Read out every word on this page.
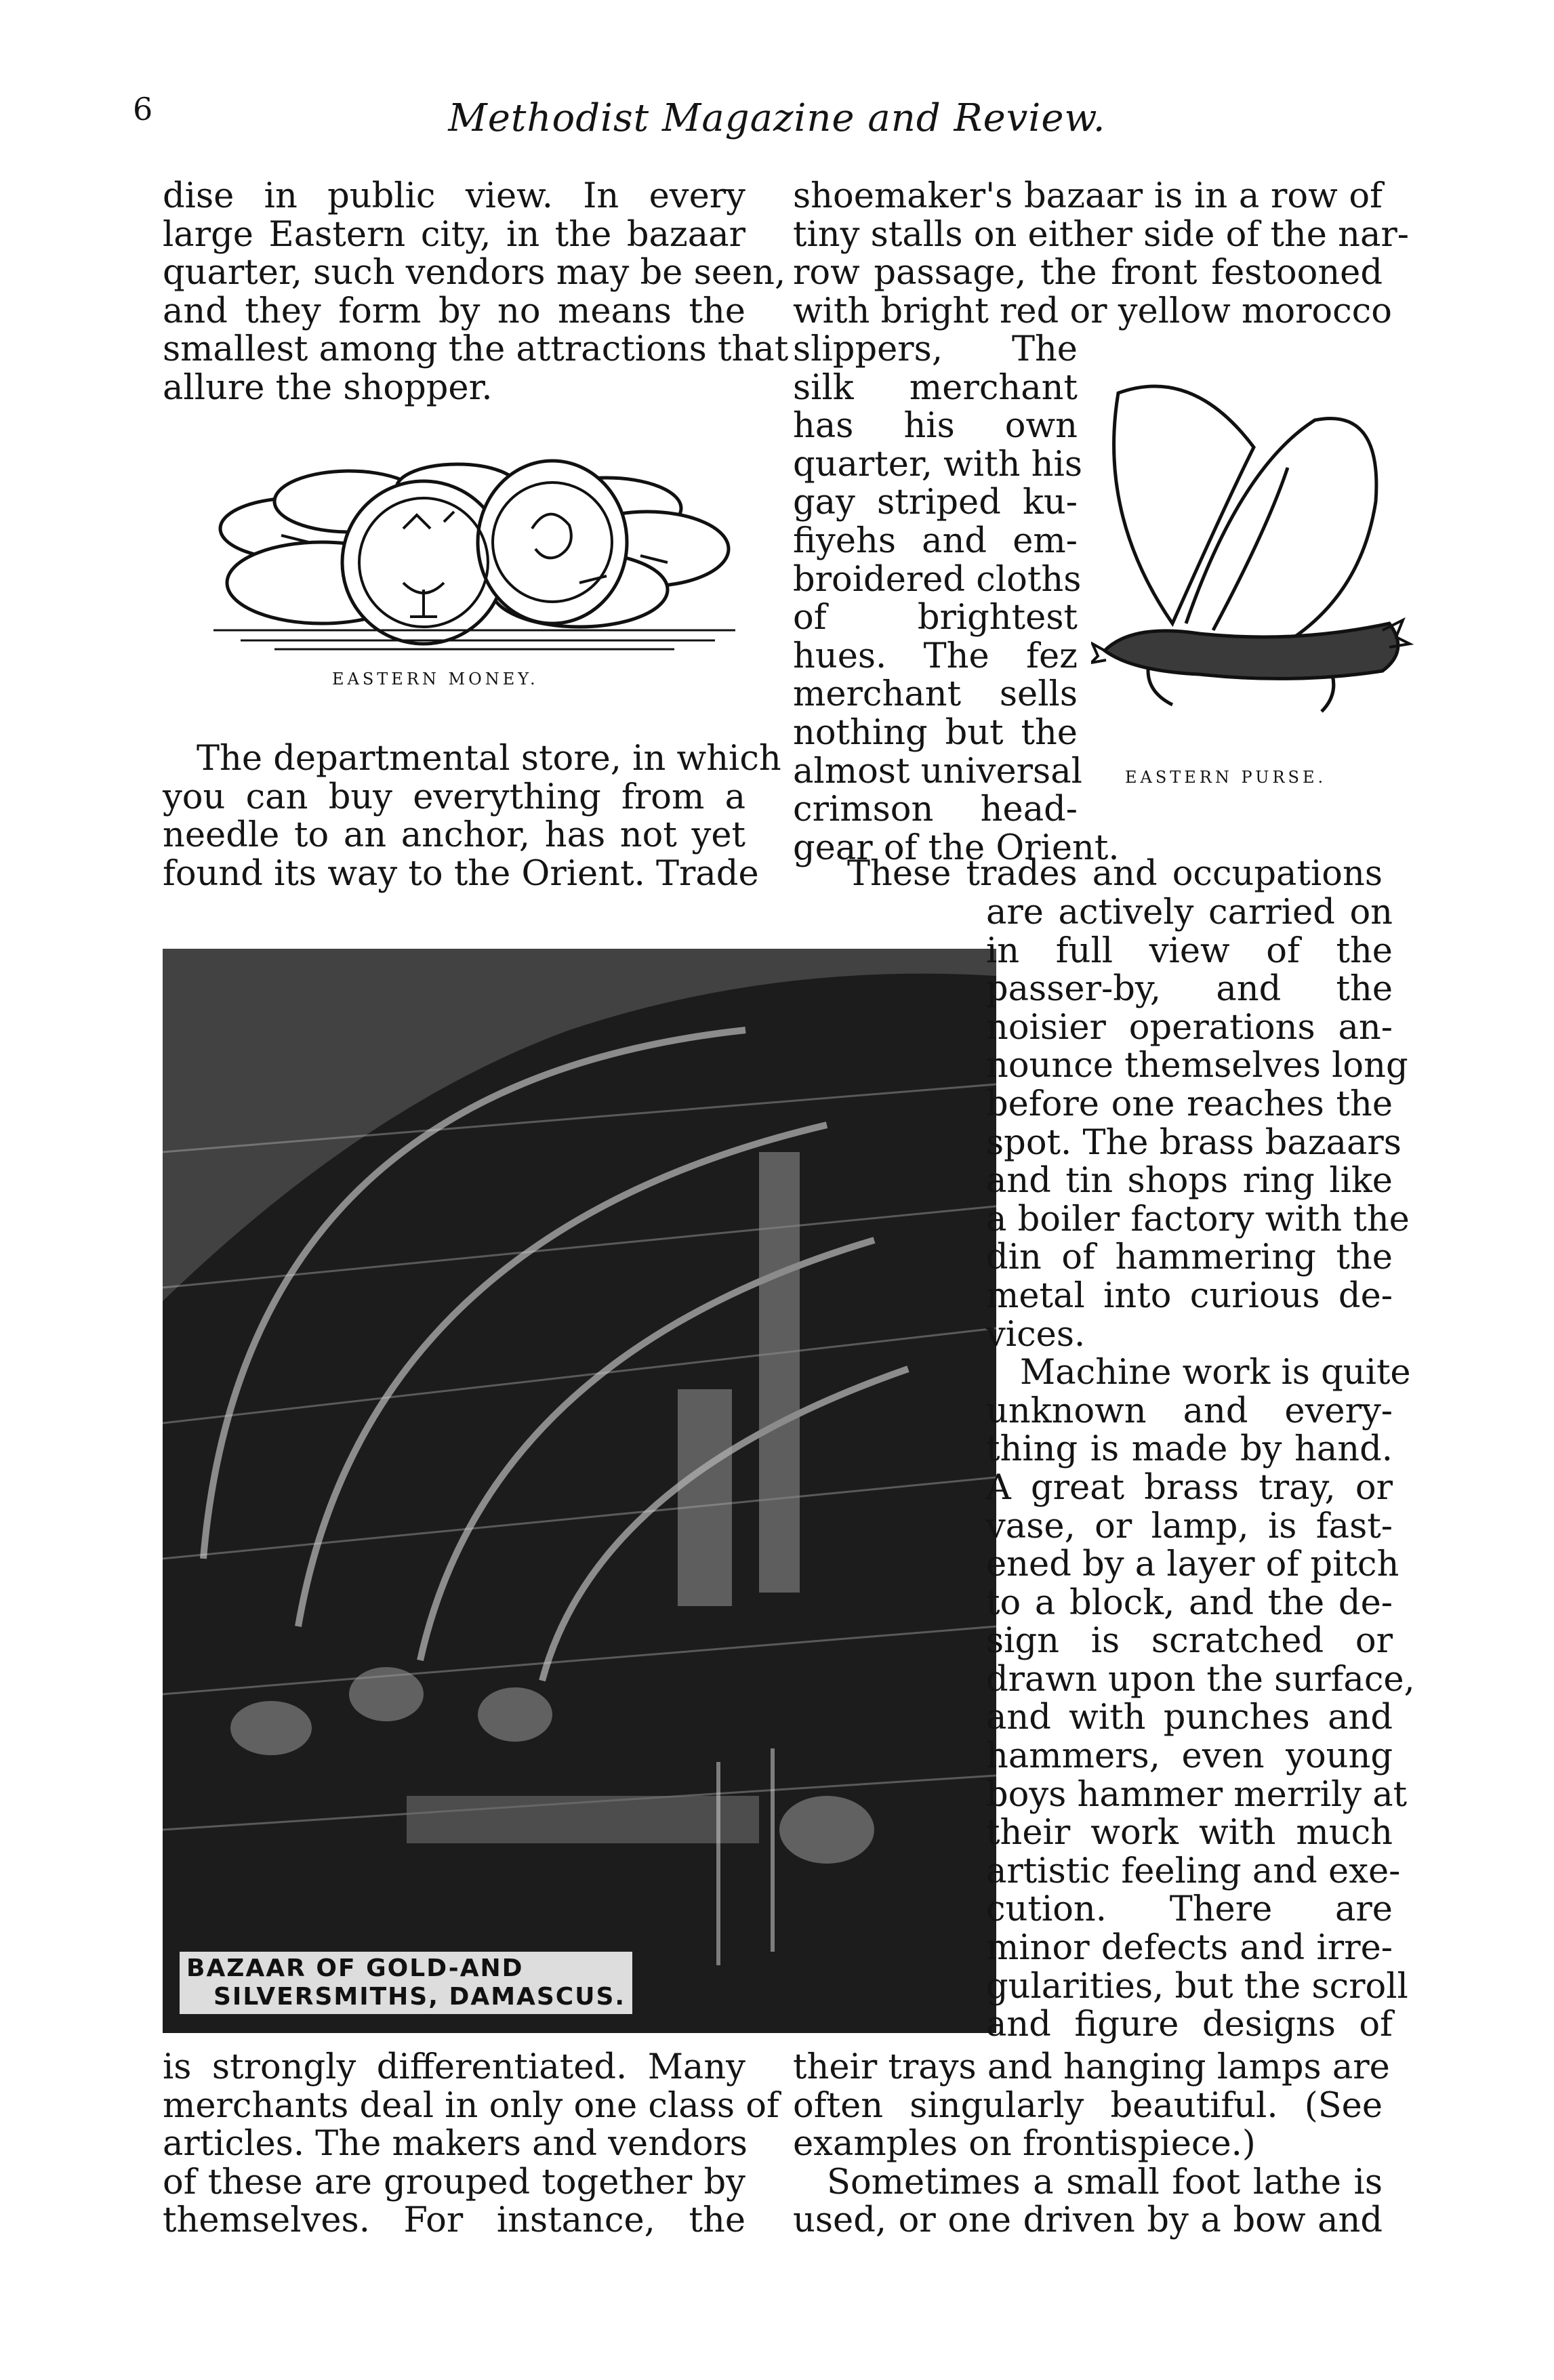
6	Methodist Magazine and Review.
dise in public view. In every
large Eastern city, in the bazaar
quarter, such vendors may be seen,
and they form by no means the
smallest among the attractions that
allure the shopper.
EASTERN MONEY.
The departmental store, in which
you can buy everything from a
needle to an anchor, has not yet
found its way to the Orient. Trade
BAZAAR OF GOLD-AND
SILVERSMITHS, DAMASCUS.
is strongly differentiated. Many
merchants deal in only one class of
articles. The makers and vendors
of these are grouped together by
themselves. For instance, the
shoemaker's bazaar is in a row of
tiny stalls on either side of the nar-
row passage, the front festooned
with bright red or yellow morocco
slippers, The
silk merchant
has his own
quarter, with his
gay striped ku-
fiyehs and em-
broidered cloths
of brightest
hues. The fez
merchant sells
nothing but the
almost universal
crimson head-
gear of the Orient.
EASTERN PURSE.
These trades and occupations
are actively carried on
in full view of the
passer-by, and the
noisier operations an-
nounce themselves long
before one reaches the
spot. The brass bazaars
and tin shops ring like
a boiler factory with the
din of hammering the
metal into curious de-
vices.
Machine work is quite
unknown and every-
thing is made by hand.
A great brass tray, or
vase, or lamp, is fast-
ened by a layer of pitch
to a block, and the de-
sign is scratched or
drawn upon the surface,
and with punches and
hammers, even young
boys hammer merrily at
their work with much
artistic feeling and exe-
cution. There are
minor defects and irre-
gularities, but the scroll
and figure designs of
their trays and hanging lamps are
often singularly beautiful. (See
examples on frontispiece.)
Sometimes a small foot lathe is
used, or one driven by a bow and
